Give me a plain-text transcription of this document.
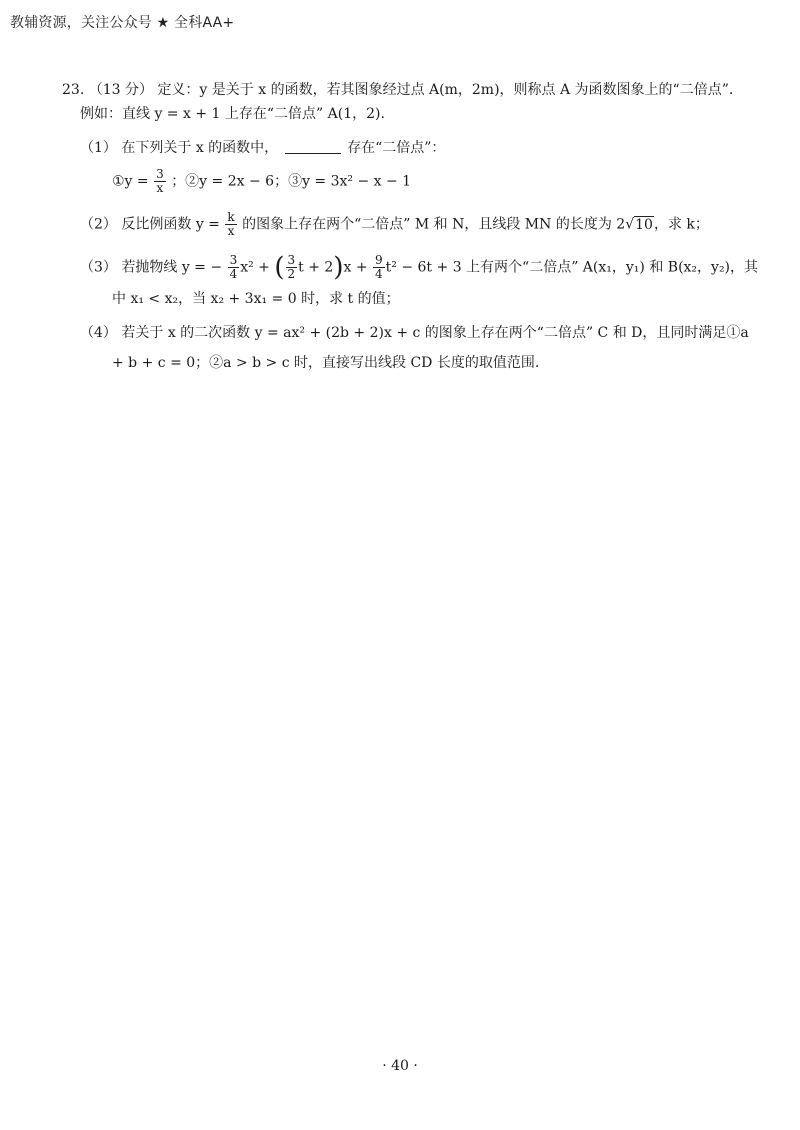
教辅资源，关注公众号 ★ 全科AA+
23. （13 分） 定义：y 是关于 x 的函数，若其图象经过点 A(m，2m)，则称点 A 为函数图象上的“二倍点”.
例如：直线 y = x + 1 上存在“二倍点” A(1，2).
（1） 在下列关于 x 的函数中，	存在“二倍点”：
①y = $\frac{3}{x}$ ；②y = 2x − 6；③y = 3x² − x − 1
（2） 反比例函数 $y = \frac{k}{x}$ 的图象上存在两个“二倍点” M 和 N，且线段 MN 的长度为 2√10，求 k；
（3） 若抛物线 y = − $\frac{3}{4} x^2$ + ( $\frac{3}{2}$ $t + 2)x + \frac{9}{4} t^2 - 6t + 3$ 上有两个“二倍点” A(x₁，y₁) 和 B(x₂，y₂)，其
中 x₁ < x₂，当 x₂ + 3x₁ = 0 时，求 t 的值；
（4） 若关于 x 的二次函数 y = ax² + (2b + 2)x + c 的图象上存在两个“二倍点” C 和 D，且同时满足①a
+ b + c = 0；②a > b > c 时，直接写出线段 CD 长度的取值范围.
· 40 ·
